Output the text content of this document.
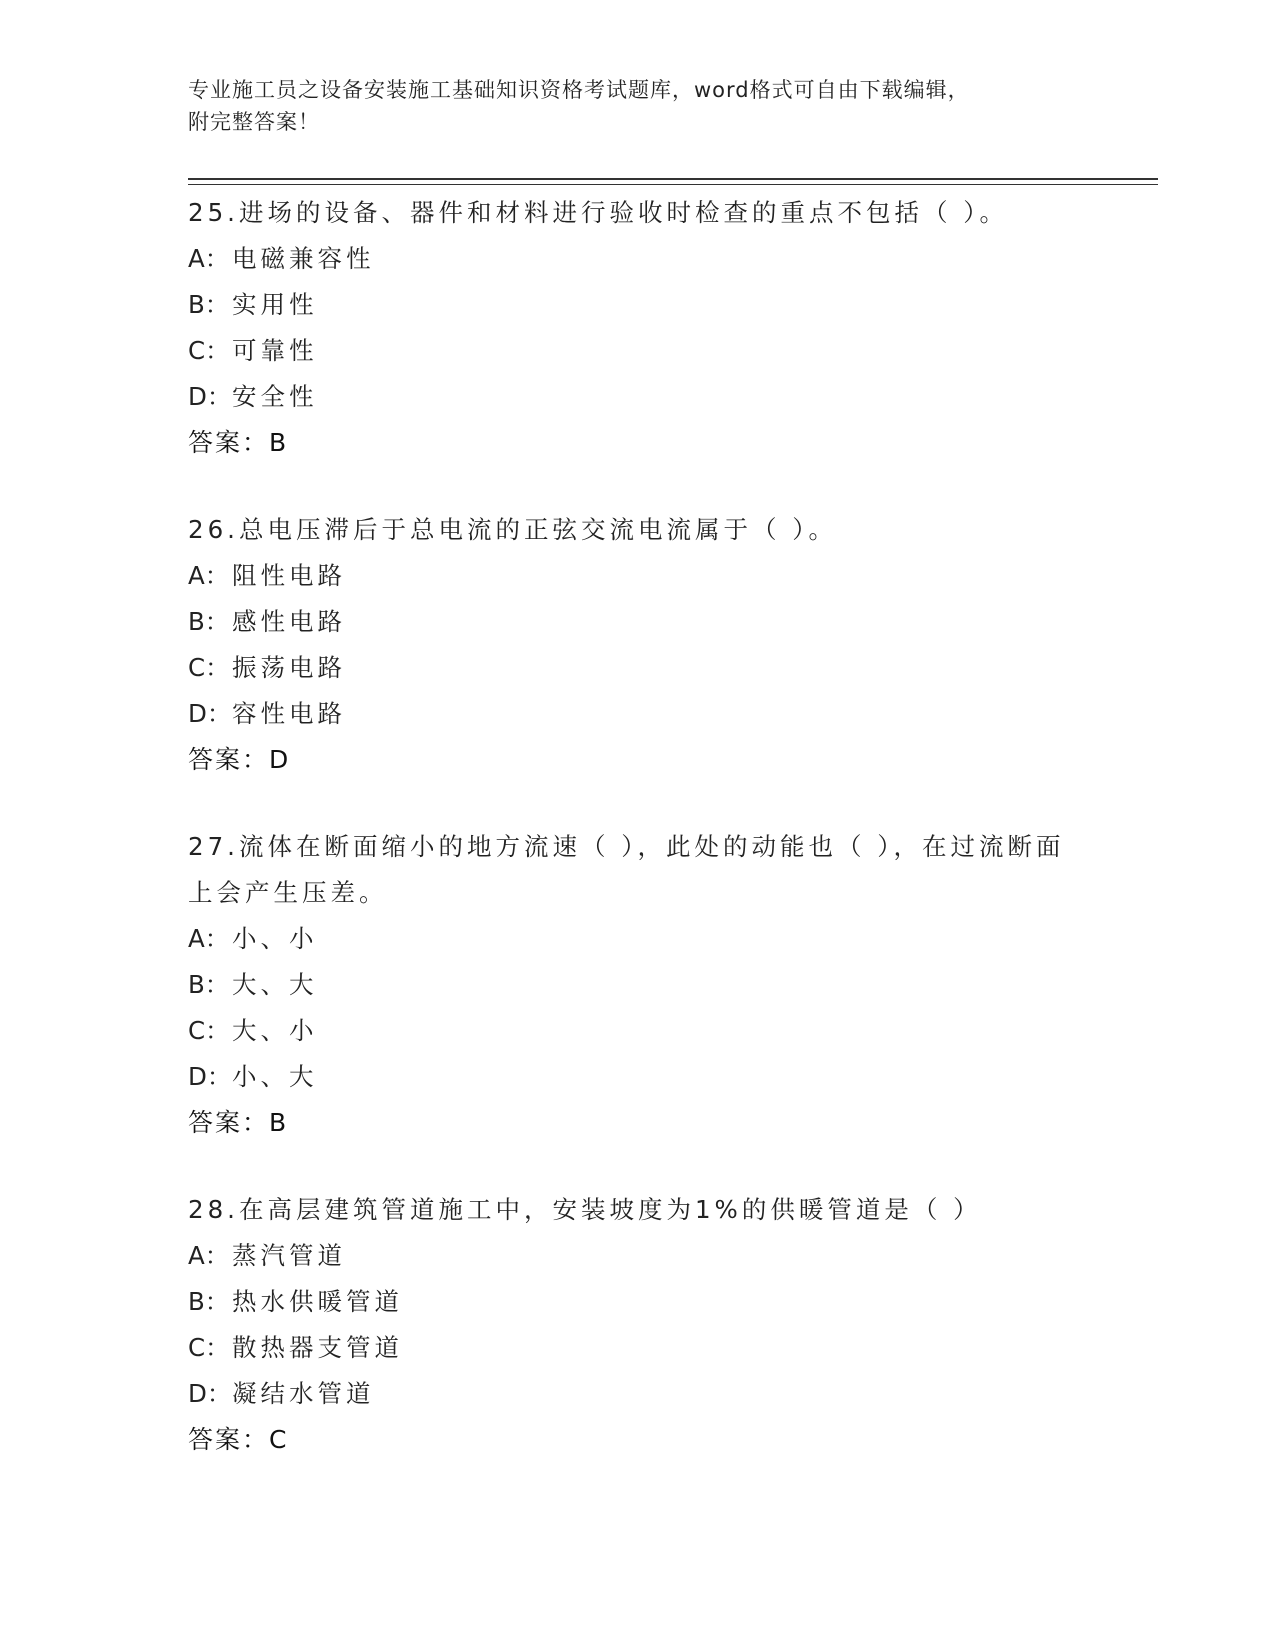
专业施工员之设备安装施工基础知识资格考试题库，word格式可自由下载编辑，
附完整答案！
25.进场的设备、器件和材料进行验收时检查的重点不包括（ ）。
A： 电磁兼容性
B： 实用性
C：可靠性
D：安全性
答案：B
26.总电压滞后于总电流的正弦交流电流属于（ ）。
A： 阻性电路
B： 感性电路
C：振荡电路
D：容性电路
答案：D
27.流体在断面缩小的地方流速（ ），此处的动能也（ ），在过流断面上会产生压差。
A： 小、小
B： 大、大
C：大、小
D：小、大
答案：B
28.在高层建筑管道施工中，安装坡度为1%的供暖管道是（ ）
A： 蒸汽管道
B： 热水供暖管道
C：散热器支管道
D：凝结水管道
答案：C
